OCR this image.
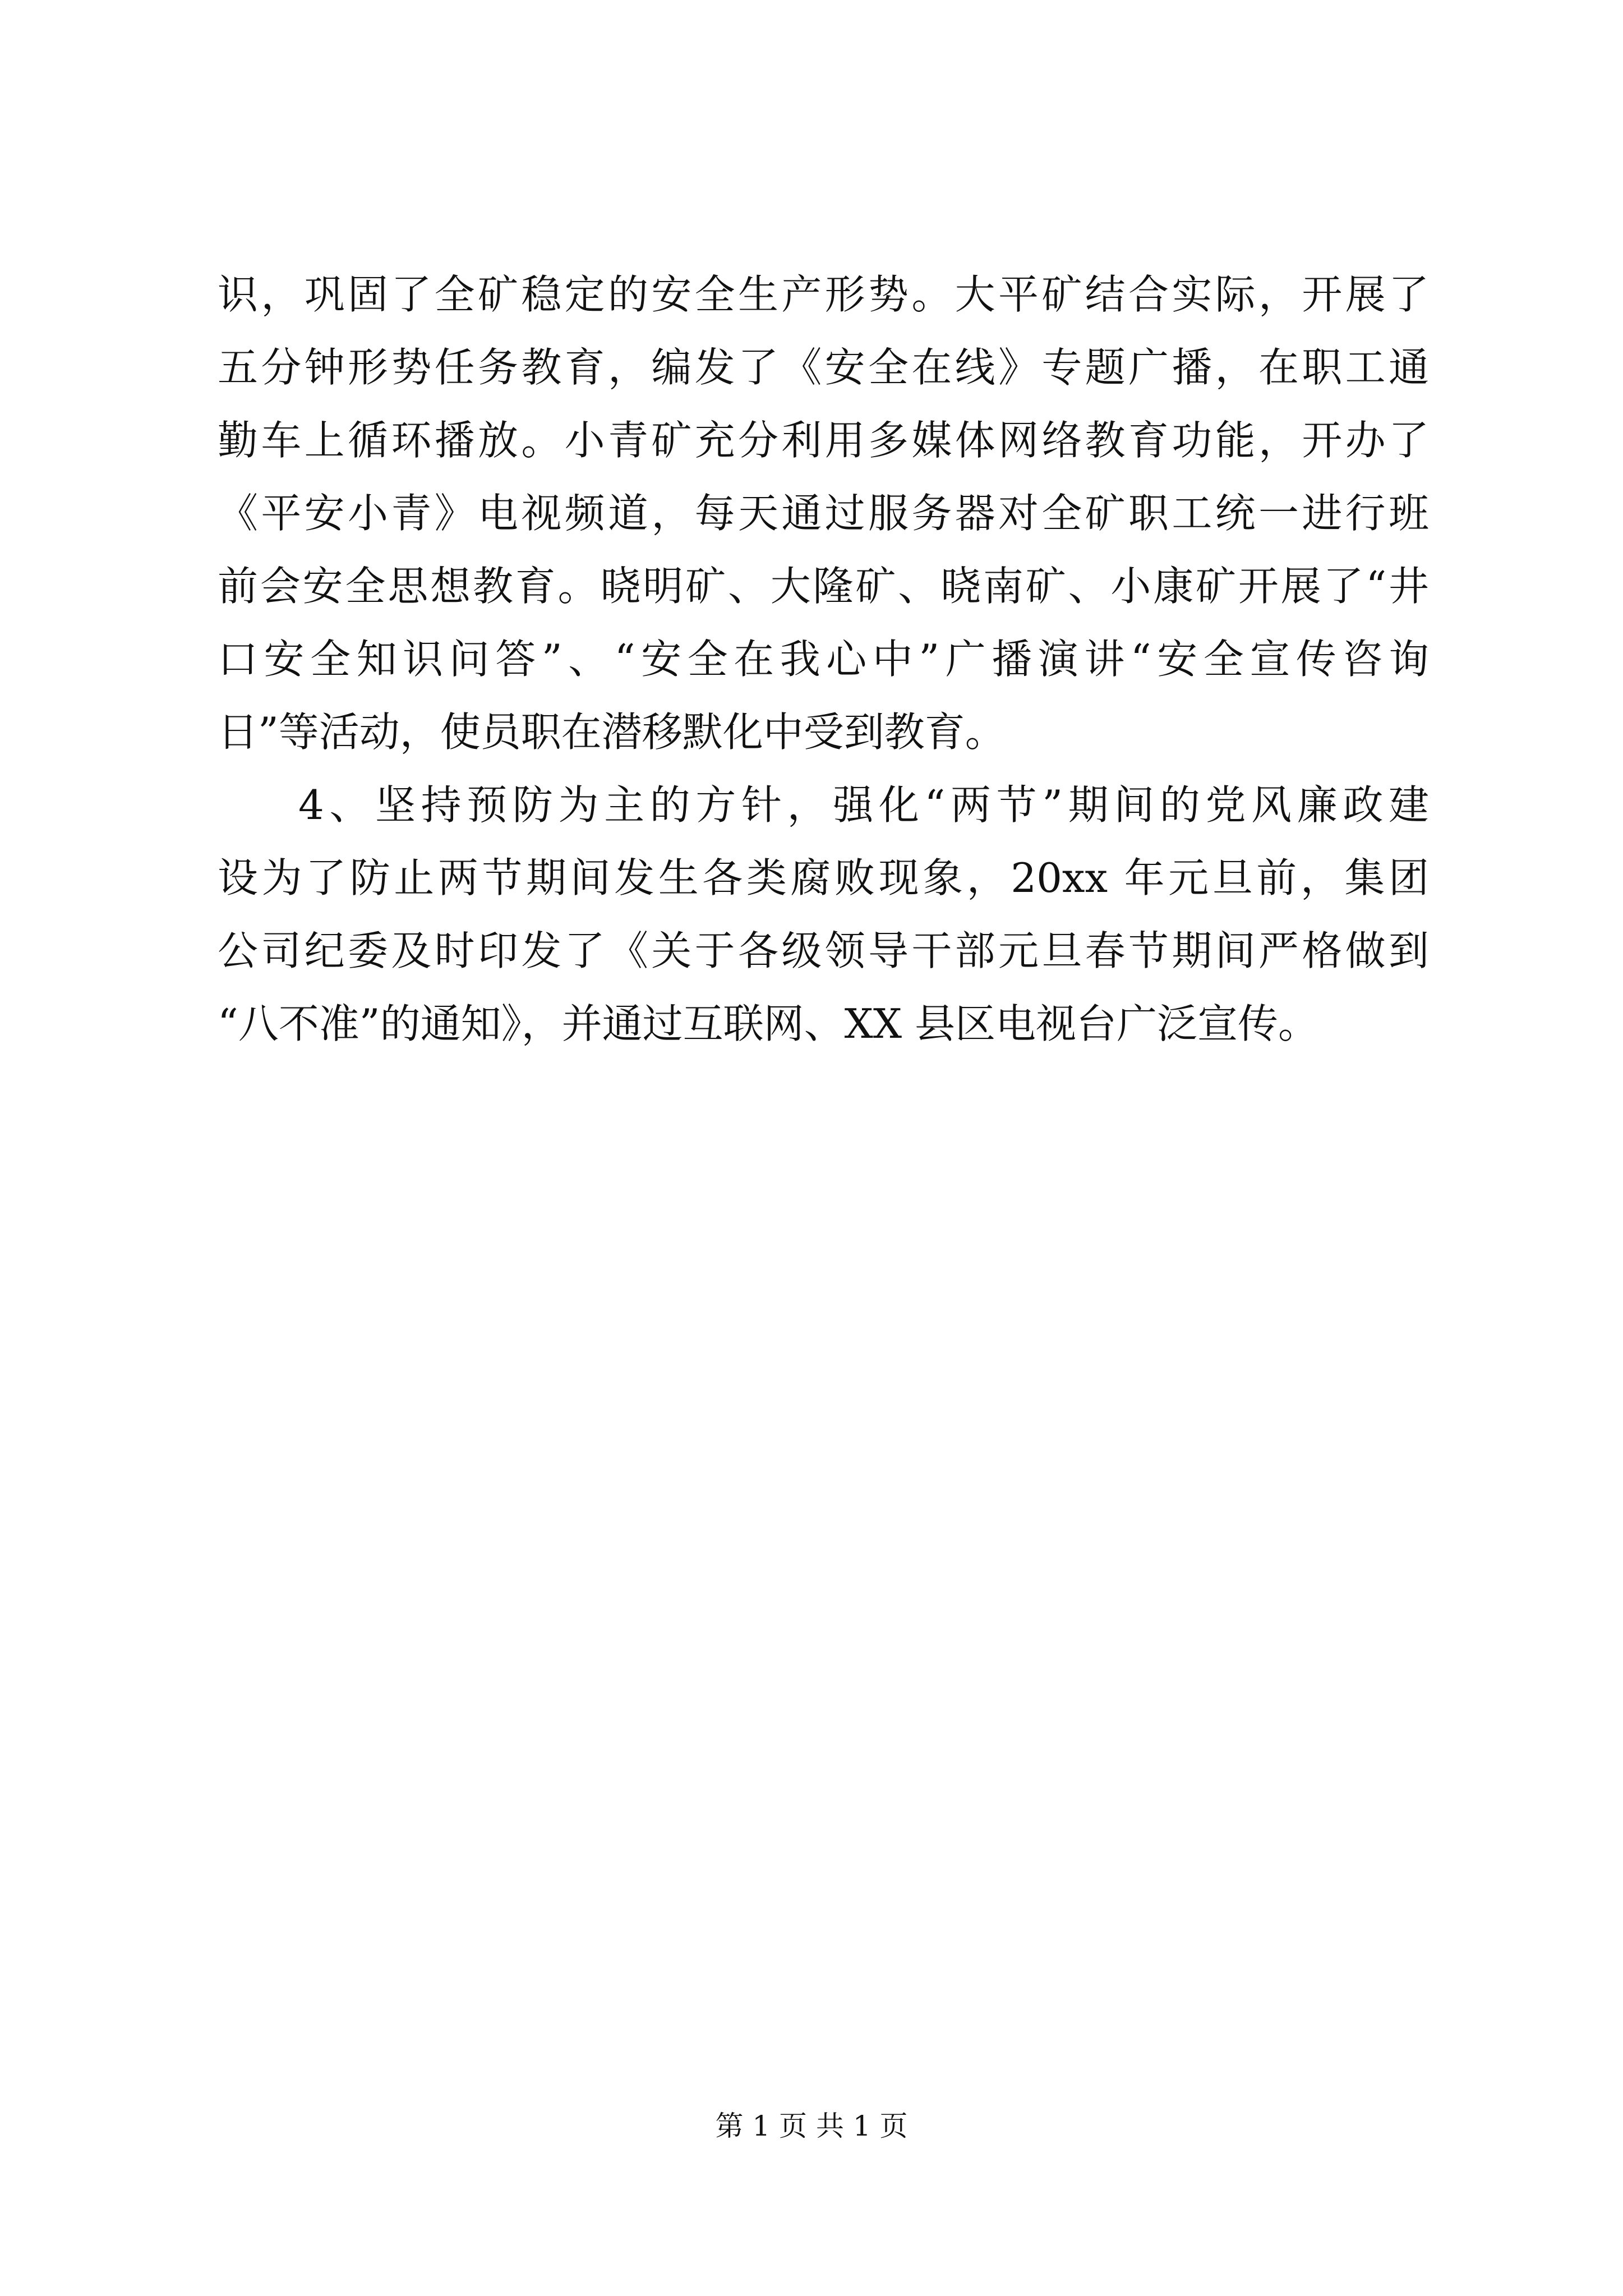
识，巩固了全矿稳定的安全生产形势。大平矿结合实际，开展了
五分钟形势任务教育，编发了《安全在线》专题广播，在职工通
勤车上循环播放。小青矿充分利用多媒体网络教育功能，开办了
《平安小青》电视频道，每天通过服务器对全矿职工统一进行班
前会安全思想教育。晓明矿、大隆矿、晓南矿、小康矿开展了“井
口安全知识问答”、“安全在我心中”广播演讲“安全宣传咨询
日”等活动，使员职在潜移默化中受到教育。
4、坚持预防为主的方针，强化“两节”期间的党风廉政建
设为了防止两节期间发生各类腐败现象，20xx 年元旦前，集团
公司纪委及时印发了《关于各级领导干部元旦春节期间严格做到
“八不准”的通知》，并通过互联网、XX 县区电视台广泛宣传。
第 1 页 共 1 页
